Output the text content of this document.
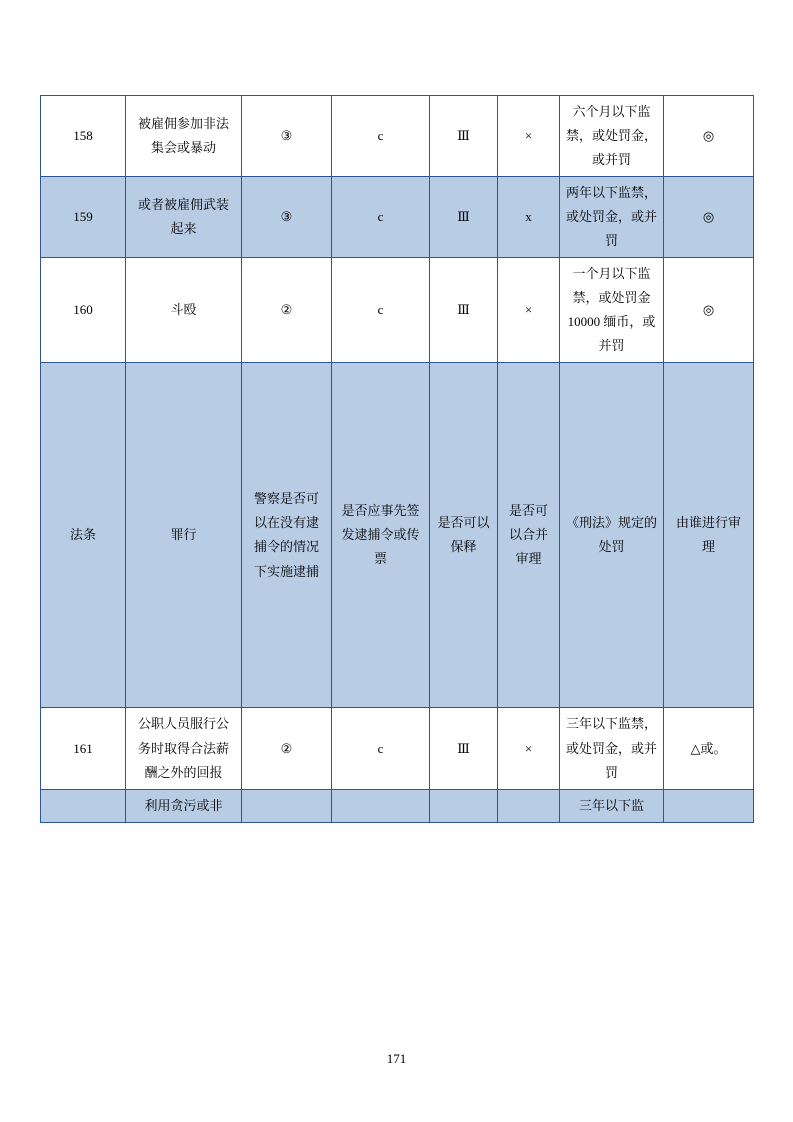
158	被雇佣参加非法集会或暴动	③	c	Ⅲ	×	六个月以下监禁，或处罚金，或并罚	◎

159	或者被雇佣武装起来	③	c	Ⅲ	x	两年以下监禁，或处罚金，或并罚	◎

160	斗殴	②	c	Ⅲ	×	一个月以下监禁，或处罚金10000 缅币，或并罚	◎

法条	罪行	警察是否可以在没有逮捕令的情况下实施逮捕	是否应事先签发逮捕令或传票	是否可以保释	是否可以合并审理	《刑法》规定的处罚	由谁进行审理

161	公职人员服行公务时取得合法薪酬之外的回报	②	c	Ⅲ	×	三年以下监禁，或处罚金，或并罚	△或。

	利用贪污或非					三年以下监	

171
